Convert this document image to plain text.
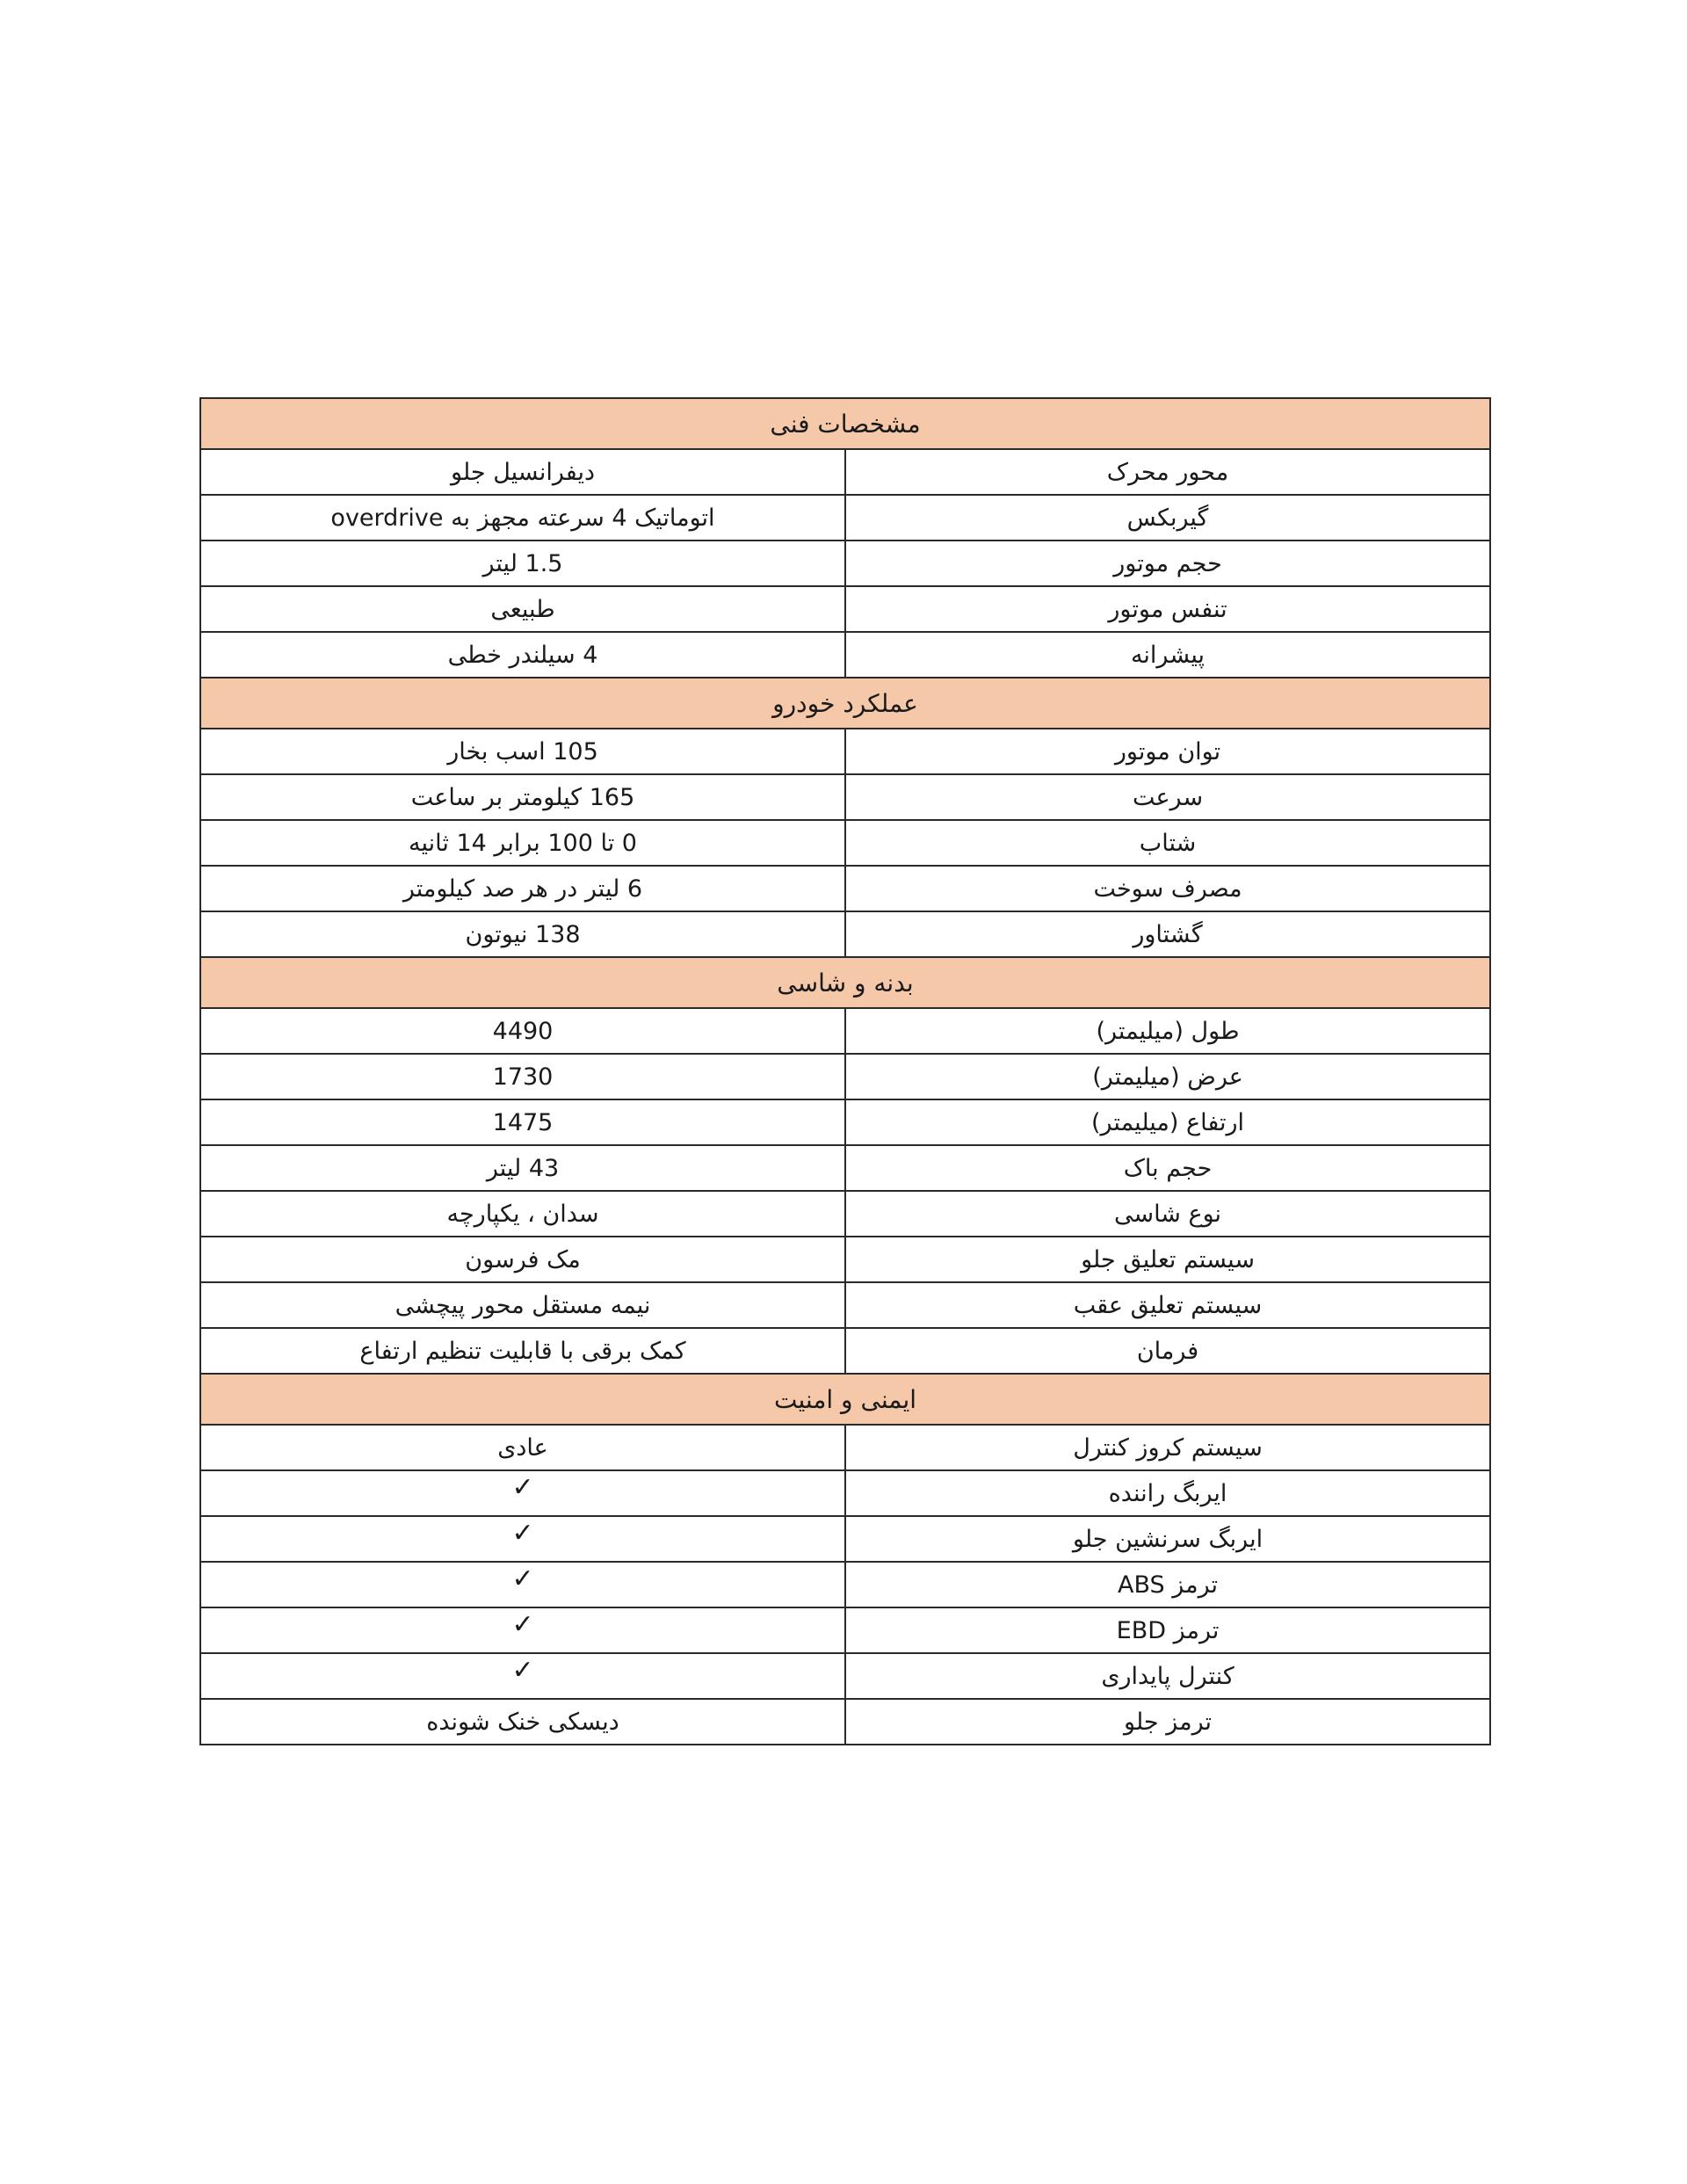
مشخصات فنی	
محور محرک	دیفرانسیل جلو
گیربکس	اتوماتیک 4 سرعته مجهز به overdrive
حجم موتور	1.5 لیتر
تنفس موتور	طبیعی
پیشرانه	4 سیلندر خطی
عملکرد خودرو	
توان موتور	105 اسب بخار
سرعت	165 کیلومتر بر ساعت
شتاب	0 تا 100 برابر 14 ثانیه
مصرف سوخت	6 لیتر در هر صد کیلومتر
گشتاور	138 نیوتون
بدنه و شاسی	
طول (میلیمتر)	4490
عرض (میلیمتر)	1730
ارتفاع (میلیمتر)	1475
حجم باک	43 لیتر
نوع شاسی	سدان ، یکپارچه
سیستم تعلیق جلو	مک فرسون
سیستم تعلیق عقب	نیمه مستقل محور پیچشی
فرمان	کمک برقی با قابلیت تنظیم ارتفاع
ایمنی و امنیت	
سیستم کروز کنترل	عادی
ایربگ راننده	✓
ایربگ سرنشین جلو	✓
ترمز ABS	✓
ترمز EBD	✓
کنترل پایداری	✓
ترمز جلو	دیسکی خنک شونده
